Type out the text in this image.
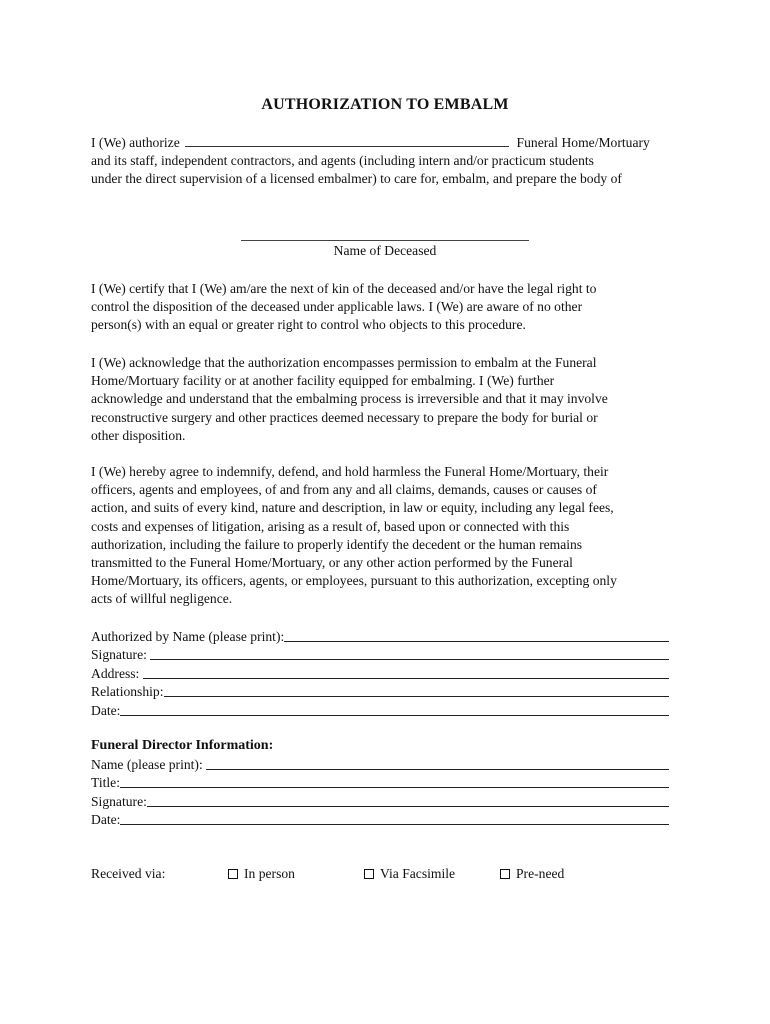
AUTHORIZATION TO EMBALM

I (We) authorize	Funeral Home/Mortuary
and its staff, independent contractors, and agents (including intern and/or practicum students
under the direct supervision of a licensed embalmer) to care for, embalm, and prepare the body of

Name of Deceased

I (We) certify that I (We) am/are the next of kin of the deceased and/or have the legal right to
control the disposition of the deceased under applicable laws. I (We) are aware of no other
person(s) with an equal or greater right to control who objects to this procedure.

I (We) acknowledge that the authorization encompasses permission to embalm at the Funeral
Home/Mortuary facility or at another facility equipped for embalming. I (We) further
acknowledge and understand that the embalming process is irreversible and that it may involve
reconstructive surgery and other practices deemed necessary to prepare the body for burial or
other disposition.

I (We) hereby agree to indemnify, defend, and hold harmless the Funeral Home/Mortuary, their
officers, agents and employees, of and from any and all claims, demands, causes or causes of
action, and suits of every kind, nature and description, in law or equity, including any legal fees,
costs and expenses of litigation, arising as a result of, based upon or connected with this
authorization, including the failure to properly identify the decedent or the human remains
transmitted to the Funeral Home/Mortuary, or any other action performed by the Funeral
Home/Mortuary, its officers, agents, or employees, pursuant to this authorization, excepting only
acts of willful negligence.

Authorized by Name (please print):
Signature:
Address:
Relationship:
Date:
Funeral Director Information:
Name (please print):
Title:
Signature:
Date:
Received via:	In person	Via Facsimile	Pre-need
